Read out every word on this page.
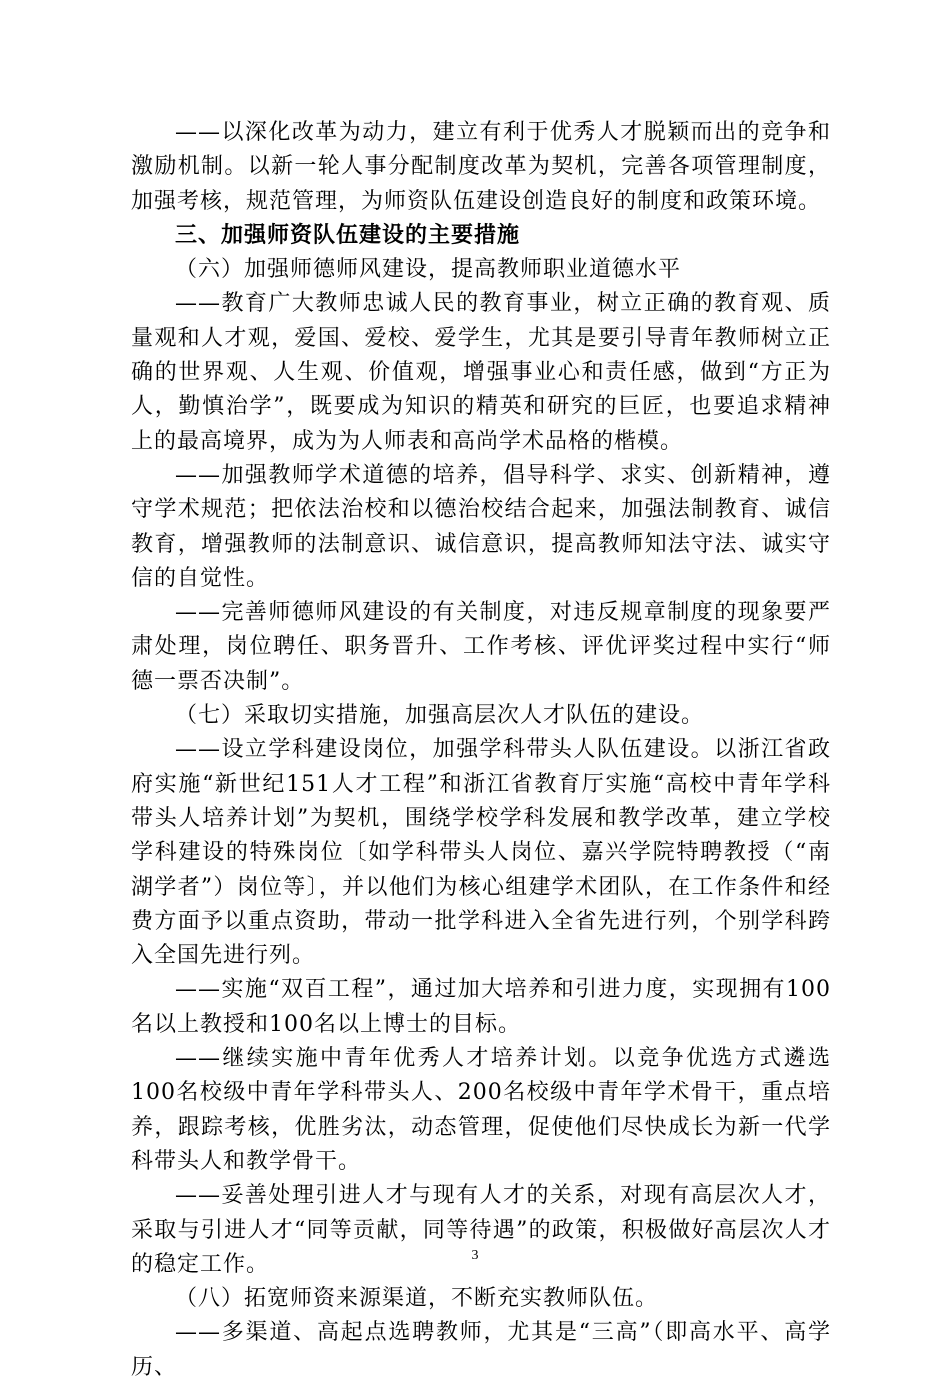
——以深化改革为动力，建立有利于优秀人才脱颖而出的竞争和激励机制。以新一轮人事分配制度改革为契机，完善各项管理制度，加强考核，规范管理，为师资队伍建设创造良好的制度和政策环境。

三、加强师资队伍建设的主要措施

（六）加强师德师风建设，提高教师职业道德水平

——教育广大教师忠诚人民的教育事业，树立正确的教育观、质量观和人才观，爱国、爱校、爱学生，尤其是要引导青年教师树立正确的世界观、人生观、价值观，增强事业心和责任感，做到“方正为人，勤慎治学”，既要成为知识的精英和研究的巨匠，也要追求精神上的最高境界，成为为人师表和高尚学术品格的楷模。

——加强教师学术道德的培养，倡导科学、求实、创新精神，遵守学术规范；把依法治校和以德治校结合起来，加强法制教育、诚信教育，增强教师的法制意识、诚信意识，提高教师知法守法、诚实守信的自觉性。

——完善师德师风建设的有关制度，对违反规章制度的现象要严肃处理，岗位聘任、职务晋升、工作考核、评优评奖过程中实行“师德一票否决制”。

（七）采取切实措施，加强高层次人才队伍的建设。

——设立学科建设岗位，加强学科带头人队伍建设。以浙江省政府实施“新世纪151人才工程”和浙江省教育厅实施“高校中青年学科带头人培养计划”为契机，围绕学校学科发展和教学改革，建立学校学科建设的特殊岗位〔如学科带头人岗位、嘉兴学院特聘教授（“南湖学者”）岗位等〕，并以他们为核心组建学术团队，在工作条件和经费方面予以重点资助，带动一批学科进入全省先进行列，个别学科跨入全国先进行列。

——实施“双百工程”，通过加大培养和引进力度，实现拥有100名以上教授和100名以上博士的目标。

——继续实施中青年优秀人才培养计划。以竞争优选方式遴选100名校级中青年学科带头人、200名校级中青年学术骨干，重点培养，跟踪考核，优胜劣汰，动态管理，促使他们尽快成长为新一代学科带头人和教学骨干。

——妥善处理引进人才与现有人才的关系，对现有高层次人才，采取与引进人才“同等贡献，同等待遇”的政策，积极做好高层次人才的稳定工作。

（八）拓宽师资来源渠道，不断充实教师队伍。

——多渠道、高起点选聘教师，尤其是“三高”（即高水平、高学历、

3
